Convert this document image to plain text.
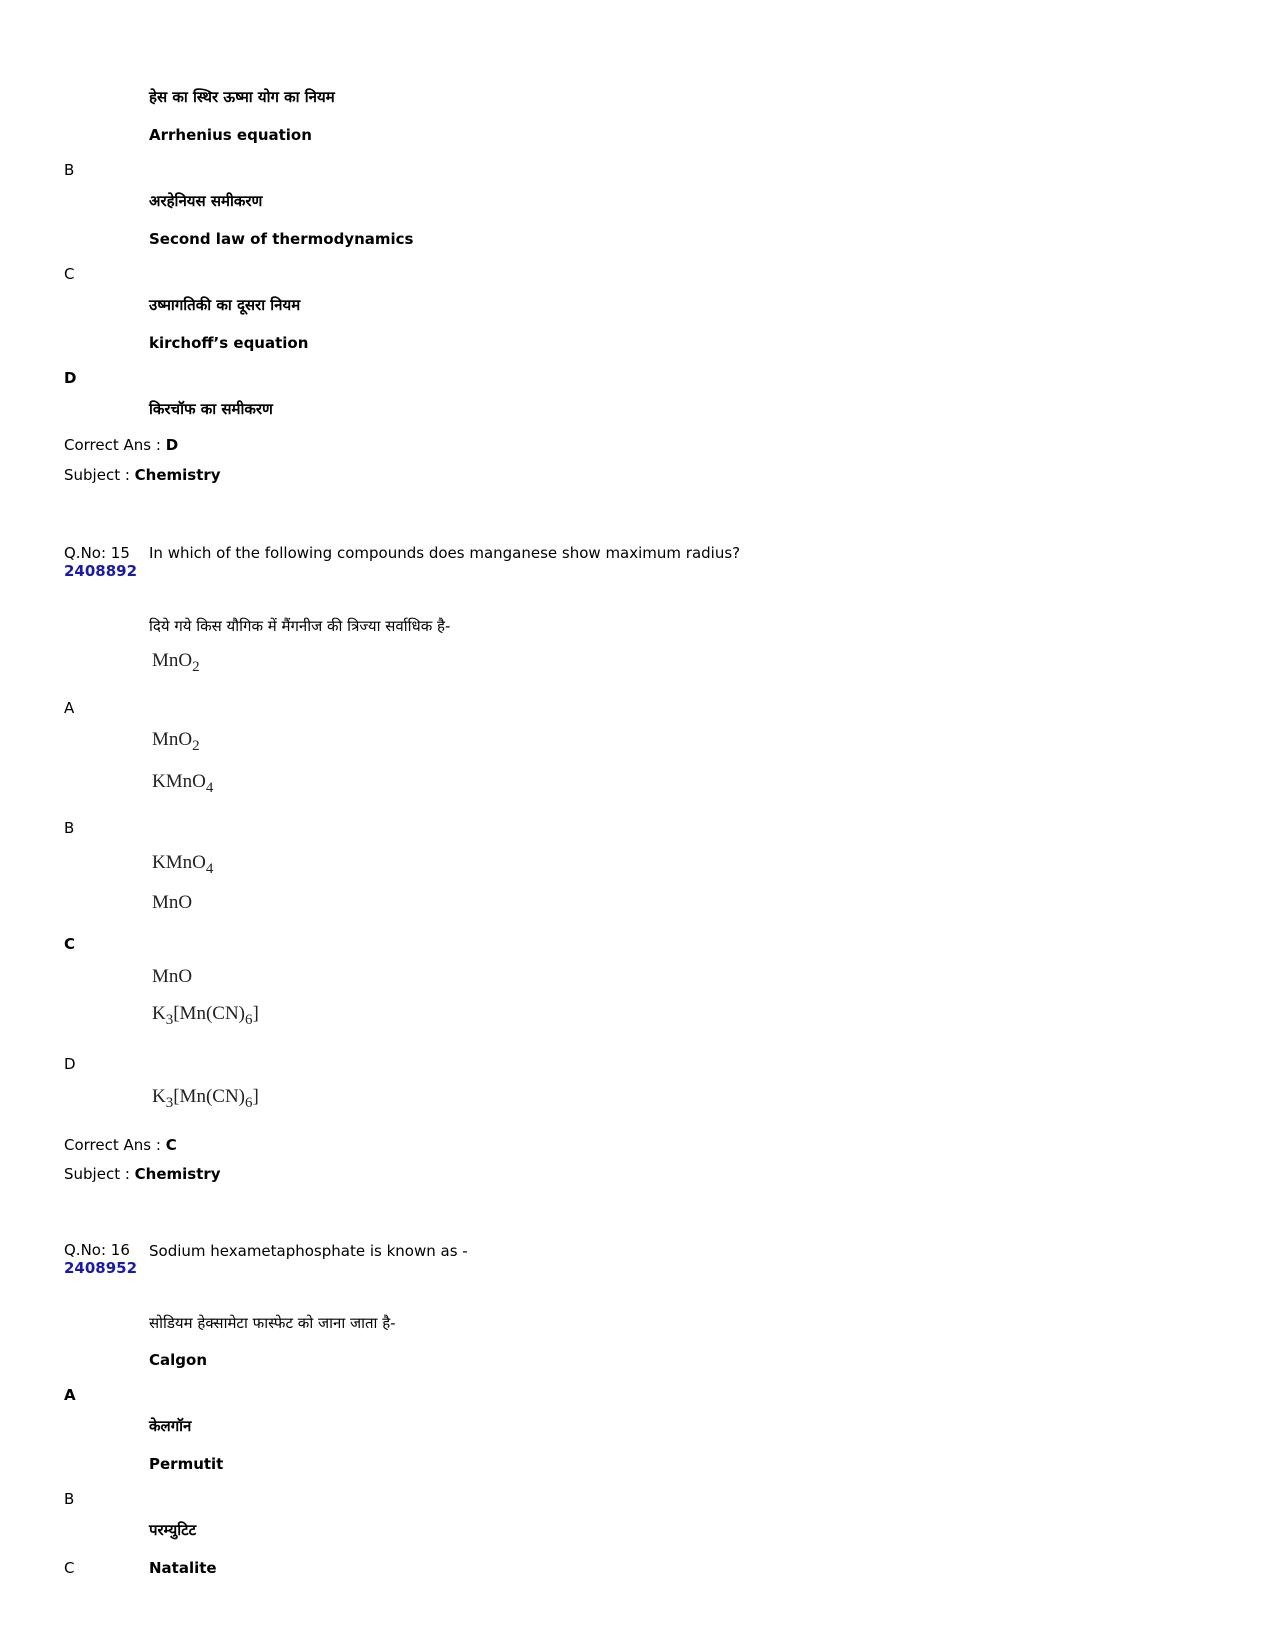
हेस का स्थिर ऊष्मा योग का नियम
Arrhenius equation
B
अरहेनियस समीकरण
Second law of thermodynamics
C
उष्मागतिकी का दूसरा नियम
kirchoff’s equation
D
किरचॉफ का समीकरण
Correct Ans : D
Subject : Chemistry
Q.No: 15 In which of the following compounds does manganese show maximum radius?
2408892
दिये गये किस यौगिक में मैंगनीज की त्रिज्या सर्वाधिक है-
MnO$_2$
A
MnO$_2$
KMnO$_4$
B
KMnO$_4$
MnO
C
MnO
$K_3[Mn(CN)_6]$
D
$K_3[Mn(CN)_6]$
Correct Ans : C
Subject : Chemistry
Q.No: 16 Sodium hexametaphosphate is known as -
2408952
सोडियम हेक्सामेटा फास्फेट को जाना जाता है-
Calgon
A
केलगॉन
Permutit
B
परम्युटिट
C	Natalite
